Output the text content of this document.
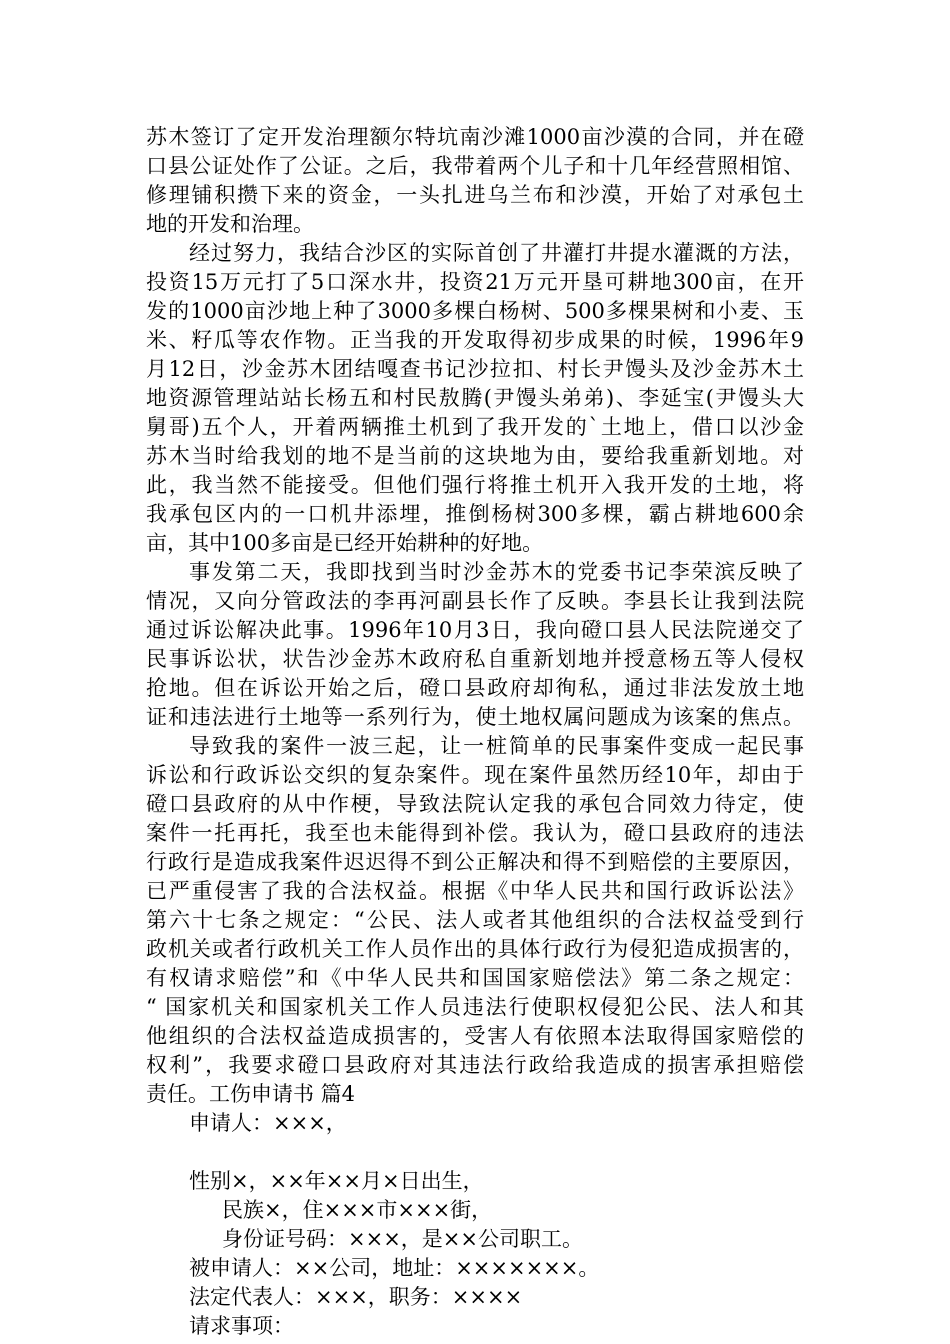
苏木签订了定开发治理额尔特坑南沙滩1000亩沙漠的合同，并在磴
口县公证处作了公证。之后，我带着两个儿子和十几年经营照相馆、
修理铺积攒下来的资金，一头扎进乌兰布和沙漠，开始了对承包土
地的开发和治理。
经过努力，我结合沙区的实际首创了井灌打井提水灌溉的方法，
投资15万元打了5口深水井，投资21万元开垦可耕地300亩，在开
发的1000亩沙地上种了3000多棵白杨树、500多棵果树和小麦、玉
米、籽瓜等农作物。正当我的开发取得初步成果的时候，1996年9
月12日，沙金苏木团结嘎查书记沙拉扣、村长尹馒头及沙金苏木土
地资源管理站站长杨五和村民敖腾(尹馒头弟弟)、李延宝(尹馒头大
舅哥)五个人，开着两辆推土机到了我开发的`土地上，借口以沙金
苏木当时给我划的地不是当前的这块地为由，要给我重新划地。对
此，我当然不能接受。但他们强行将推土机开入我开发的土地，将
我承包区内的一口机井添埋，推倒杨树300多棵，霸占耕地600余
亩，其中100多亩是已经开始耕种的好地。
事发第二天，我即找到当时沙金苏木的党委书记李荣滨反映了
情况，又向分管政法的李再河副县长作了反映。李县长让我到法院
通过诉讼解决此事。1996年10月3日，我向磴口县人民法院递交了
民事诉讼状，状告沙金苏木政府私自重新划地并授意杨五等人侵权
抢地。但在诉讼开始之后，磴口县政府却徇私，通过非法发放土地
证和违法进行土地等一系列行为，使土地权属问题成为该案的焦点。
导致我的案件一波三起，让一桩简单的民事案件变成一起民事
诉讼和行政诉讼交织的复杂案件。现在案件虽然历经10年，却由于
磴口县政府的从中作梗，导致法院认定我的承包合同效力待定，使
案件一托再托，我至也未能得到补偿。我认为，磴口县政府的违法
行政行是造成我案件迟迟得不到公正解决和得不到赔偿的主要原因，
已严重侵害了我的合法权益。根据《中华人民共和国行政诉讼法》
第六十七条之规定：“公民、法人或者其他组织的合法权益受到行
政机关或者行政机关工作人员作出的具体行政行为侵犯造成损害的，
有权请求赔偿”和《中华人民共和国国家赔偿法》第二条之规定：
“ 国家机关和国家机关工作人员违法行使职权侵犯公民、法人和其
他组织的合法权益造成损害的，受害人有依照本法取得国家赔偿的
权利”，我要求磴口县政府对其违法行政给我造成的损害承担赔偿
责任。工伤申请书 篇4
申请人：×××，
性别×，××年××月×日出生，
民族×，住×××市×××街，
身份证号码：×××，是××公司职工。
被申请人：××公司，地址：×××××××。
法定代表人：×××，职务：××××
请求事项：
